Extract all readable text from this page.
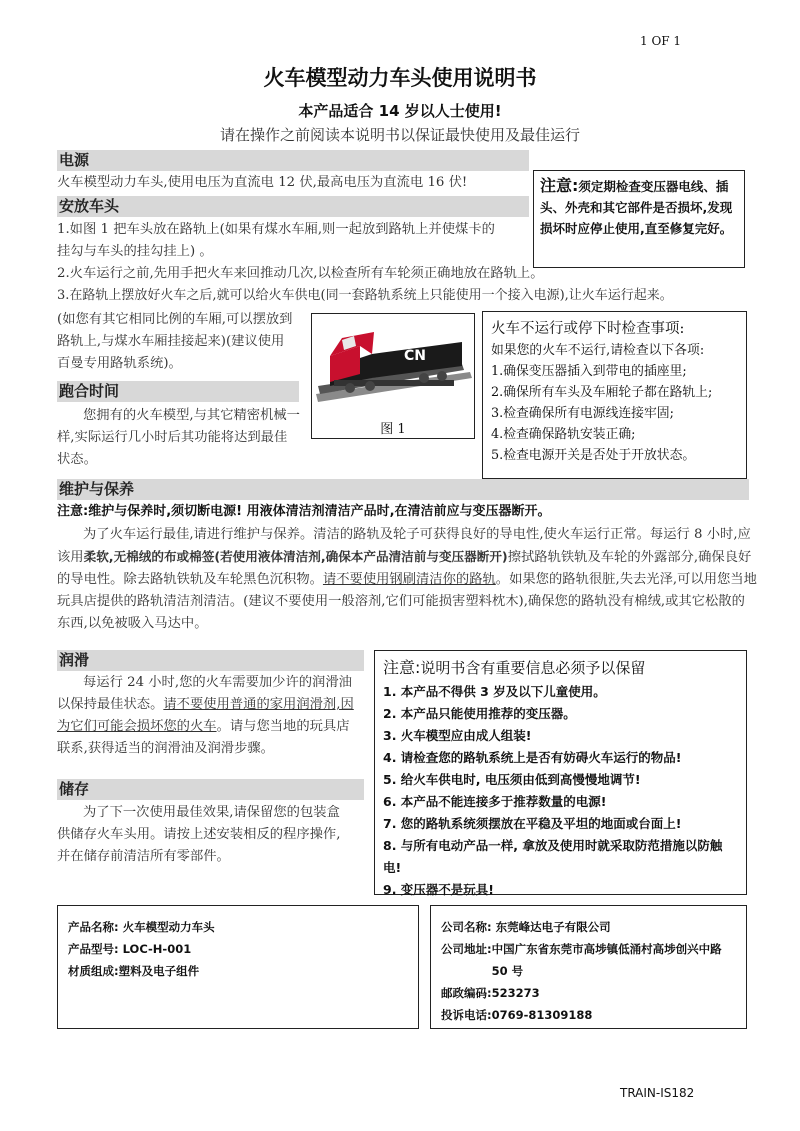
1 OF 1
火车模型动力车头使用说明书
本产品适合 14 岁以人士使用!
请在操作之前阅读本说明书以保证最快使用及最佳运行
电源
火车模型动力车头,使用电压为直流电 12 伏,最高电压为直流电 16 伏!	注意:须定期检查变压器电线、插头、外壳和其它部件是否损坏,发现损坏时应停止使用,直至修复完好。
安放车头
1.如图 1 把车头放在路轨上(如果有煤水车厢,则一起放到路轨上并使煤卡的挂勾与车头的挂勾挂上) 。
2.火车运行之前,先用手把火车来回推动几次,以检查所有车轮须正确地放在路轨上。
3.在路轨上摆放好火车之后,就可以给火车供电(同一套路轨系统上只能使用一个接入电源),让火车运行起来。
(如您有其它相同比例的车厢,可以摆放到路轨上,与煤水车厢挂接起来)(建议使用百曼专用路轨系统)。	CN
图 1
火车不运行或停下时检查事项:
如果您的火车不运行,请检查以下各项:
1.确保变压器插入到带电的插座里;
2.确保所有车头及车厢轮子都在路轨上;
3.检查确保所有电源线连接牢固;
4.检查确保路轨安装正确;
5.检查电源开关是否处于开放状态。
跑合时间
您拥有的火车模型,与其它精密机械一样,实际运行几小时后其功能将达到最佳状态。
维护与保养
注意:维护与保养时,须切断电源! 用液体清洁剂清洁产品时,在清洁前应与变压器断开。
为了火车运行最佳,请进行维护与保养。清洁的路轨及轮子可获得良好的导电性,使火车运行正常。每运行 8 小时,应该用柔软,无棉绒的布或棉签(若使用液体清洁剂,确保本产品清洁前与变压器断开)擦拭路轨铁轨及车轮的外露部分,确保良好的导电性。除去路轨铁轨及车轮黑色沉积物。请不要使用钢刷清洁你的路轨。如果您的路轨很脏,失去光泽,可以用您当地玩具店提供的路轨清洁剂清洁。(建议不要使用一般溶剂,它们可能损害塑料枕木),确保您的路轨没有棉绒,或其它松散的东西,以免被吸入马达中。
润滑
每运行 24 小时,您的火车需要加少许的润滑油以保持最佳状态。请不要使用普通的家用润滑剂,因为它们可能会损坏您的火车。请与您当地的玩具店联系,获得适当的润滑油及润滑步骤。
储存
为了下一次使用最佳效果,请保留您的包装盒供储存火车头用。请按上述安装相反的程序操作,并在储存前清洁所有零部件。
注意:说明书含有重要信息必须予以保留
1. 本产品不得供 3 岁及以下儿童使用。
2. 本产品只能使用推荐的变压器。
3. 火车模型应由成人组装!
4. 请检查您的路轨系统上是否有妨碍火车运行的物品!
5. 给火车供电时, 电压须由低到高慢慢地调节!
6. 本产品不能连接多于推荐数量的电源!
7. 您的路轨系统须摆放在平稳及平坦的地面或台面上!
8. 与所有电动产品一样, 拿放及使用时就采取防范措施以防触电!
9. 变压器不是玩具!
产品名称: 火车模型动力车头
产品型号: LOC-H-001
材质组成:塑料及电子组件
公司名称: 东莞峰达电子有限公司
公司地址: 中国广东省东莞市高埗镇低涌村高埗创兴中路 50 号
邮政编码:523273
投诉电话:0769-81309188
TRAIN-IS182
